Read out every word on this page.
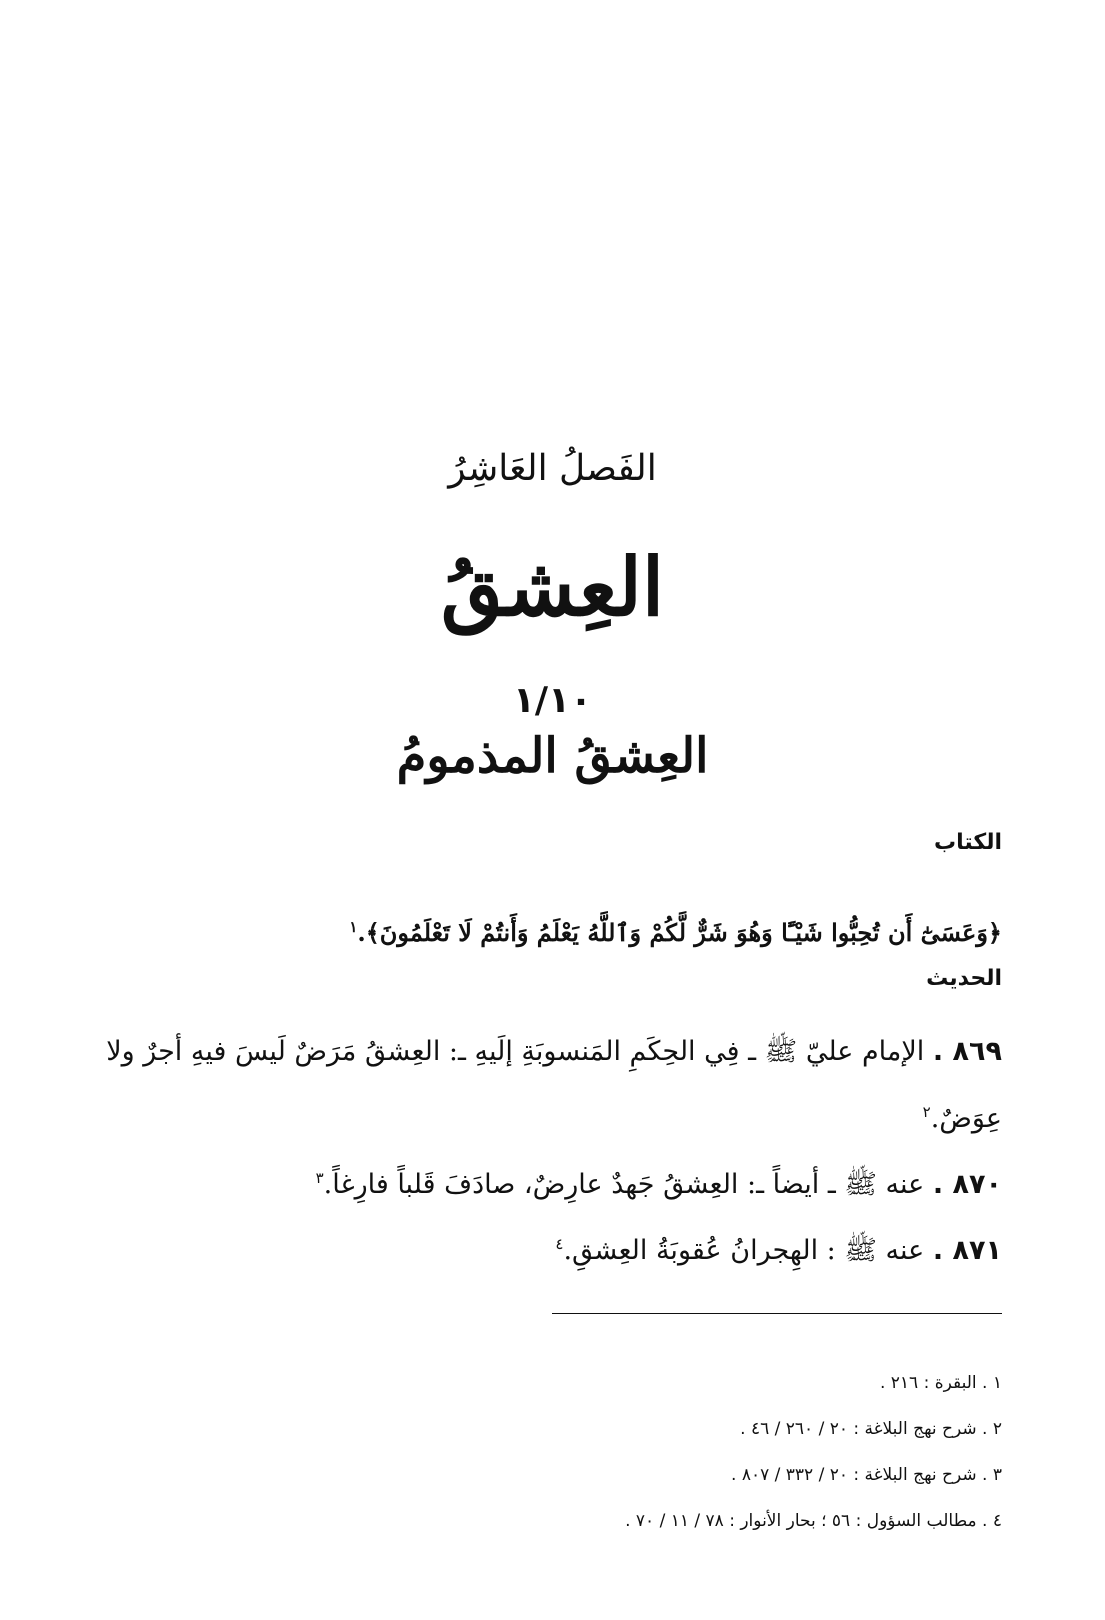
الفَصلُ العَاشِرُ
العِشقُ
١/١٠
العِشقُ المذمومُ
الكتاب
﴿وَعَسَىٰٓ أَن تُحِبُّوا شَيْـًٔا وَهُوَ شَرٌّ لَّكُمْ وَٱللَّهُ يَعْلَمُ وَأَنتُمْ لَا تَعْلَمُونَ﴾.$^١$
الحديث
٨٦٩ . الإمام عليّ ﷺ ـ فِي الحِكَمِ المَنسوبَةِ إلَيهِ ـ: العِشقُ مَرَضٌ لَيسَ فيهِ أجرٌ ولا عِوَضٌ.$^٢$
٨٧٠ . عنه ﷺ ـ أيضاً ـ: العِشقُ جَهدٌ عارِضٌ، صادَفَ قَلباً فارِغاً.$^٣$
٨٧١ . عنه ﷺ : الهِجرانُ عُقوبَةُ العِشقِ.$^٤$
١ . البقرة : ٢١٦ .
٢ . شرح نهج البلاغة : ٢٠ / ٢٦٠ / ٤٦ .
٣ . شرح نهج البلاغة : ٢٠ / ٣٣٢ / ٨٠٧ .
٤ . مطالب السؤول : ٥٦ ؛ بحار الأنوار : ٧٨ / ١١ / ٧٠ .
